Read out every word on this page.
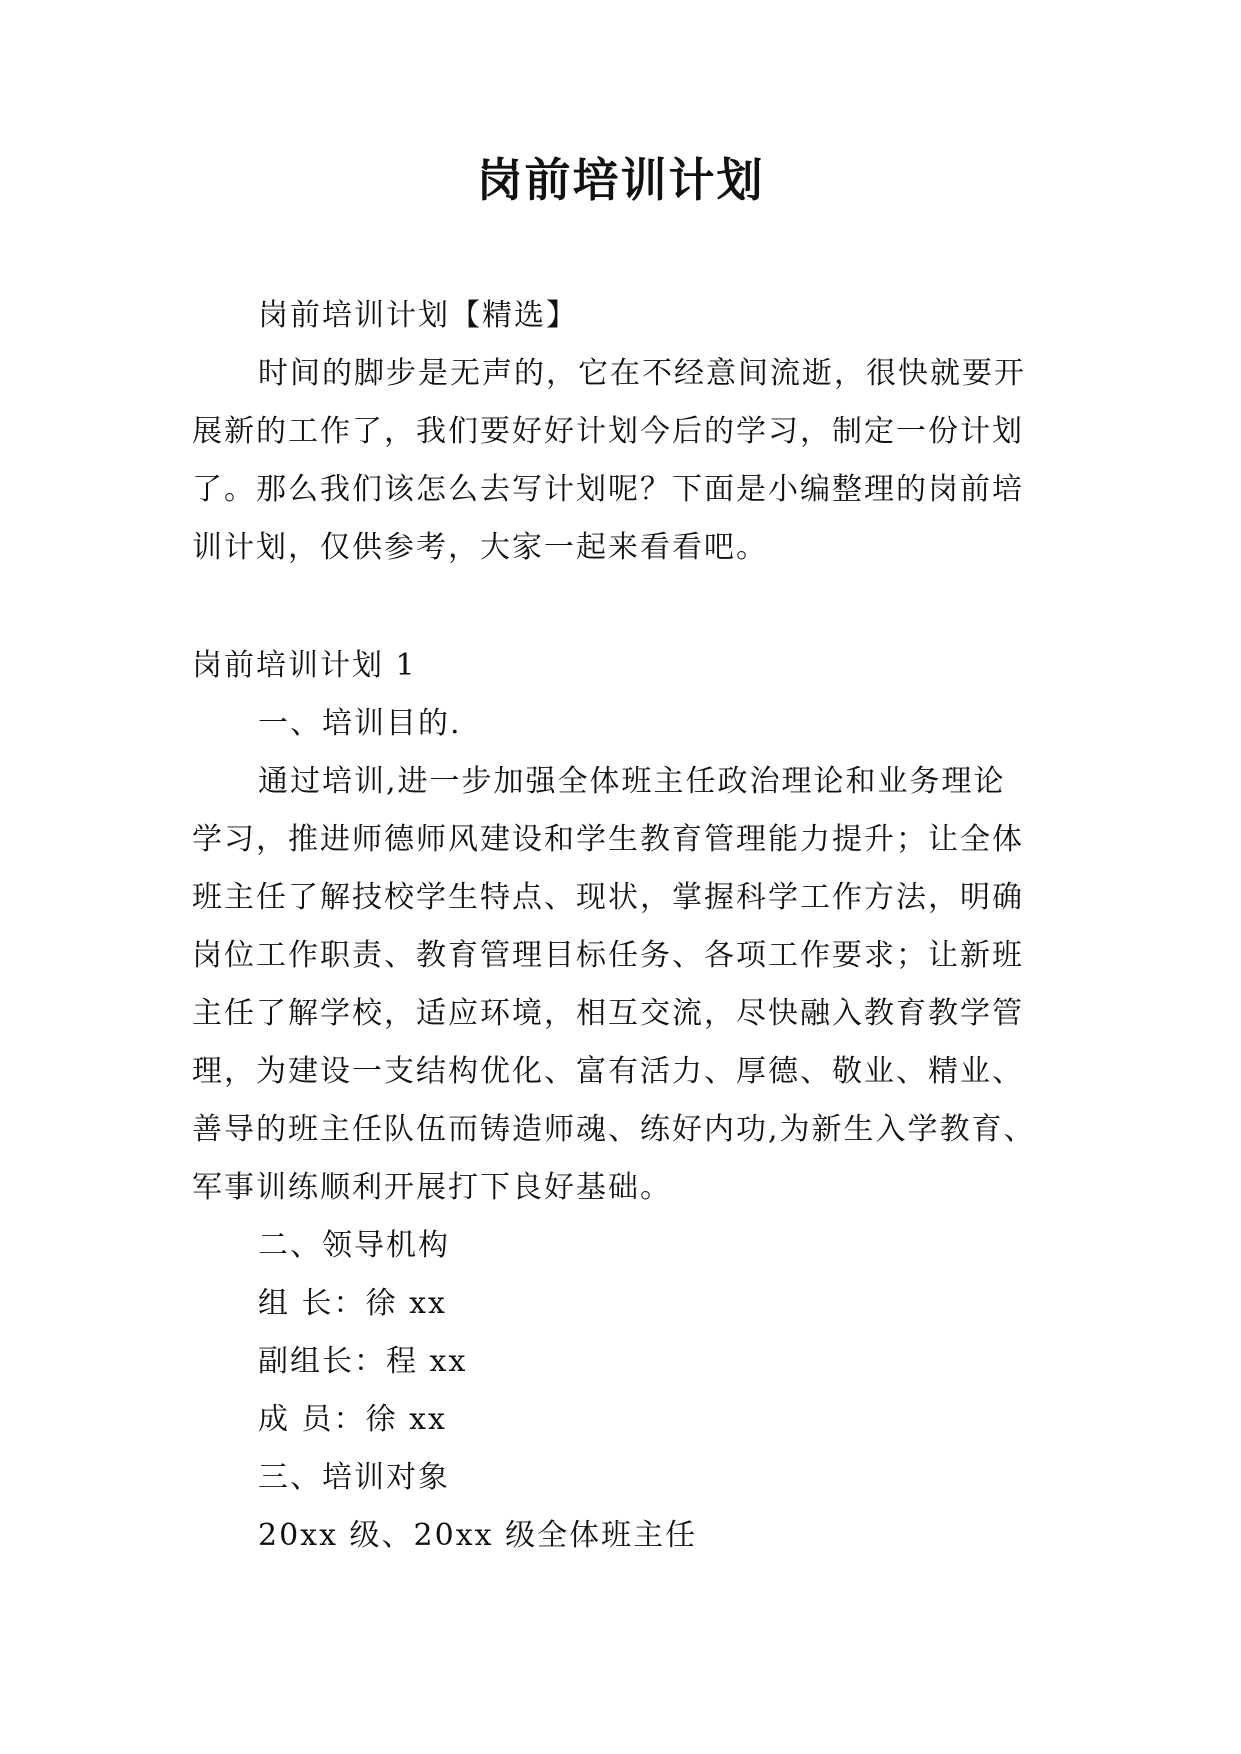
岗前培训计划

岗前培训计划【精选】

时间的脚步是无声的，它在不经意间流逝，很快就要开

展新的工作了，我们要好好计划今后的学习，制定一份计划

了。那么我们该怎么去写计划呢？下面是小编整理的岗前培

训计划，仅供参考，大家一起来看看吧。

岗前培训计划 1

一、培训目的.

通过培训,进一步加强全体班主任政治理论和业务理论

学习，推进师德师风建设和学生教育管理能力提升；让全体

班主任了解技校学生特点、现状，掌握科学工作方法，明确

岗位工作职责、教育管理目标任务、各项工作要求；让新班

主任了解学校，适应环境，相互交流，尽快融入教育教学管

理，为建设一支结构优化、富有活力、厚德、敬业、精业、

善导的班主任队伍而铸造师魂、练好内功,为新生入学教育、

军事训练顺利开展打下良好基础。

二、领导机构

组 长：徐 xx

副组长：程 xx

成 员：徐 xx

三、培训对象

20xx 级、20xx 级全体班主任
